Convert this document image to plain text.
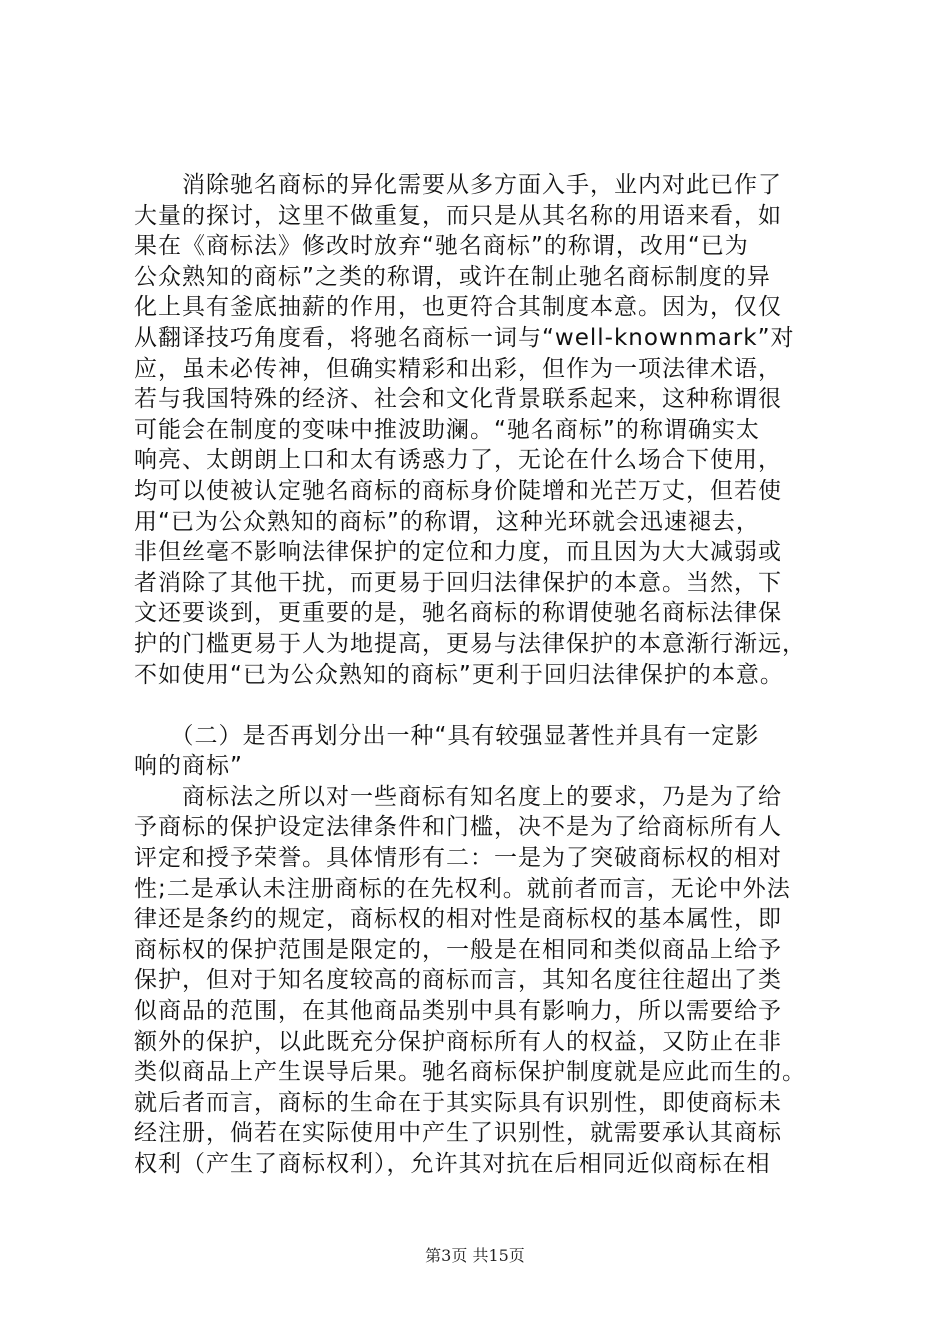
　　消除驰名商标的异化需要从多方面入手，业内对此已作了
大量的探讨，这里不做重复，而只是从其名称的用语来看，如
果在《商标法》修改时放弃“驰名商标”的称谓，改用“已为
公众熟知的商标”之类的称谓，或许在制止驰名商标制度的异
化上具有釜底抽薪的作用，也更符合其制度本意。因为，仅仅
从翻译技巧角度看，将驰名商标一词与“well-knownmark”对
应，虽未必传神，但确实精彩和出彩，但作为一项法律术语，
若与我国特殊的经济、社会和文化背景联系起来，这种称谓很
可能会在制度的变味中推波助澜。“驰名商标”的称谓确实太
响亮、太朗朗上口和太有诱惑力了，无论在什么场合下使用，
均可以使被认定驰名商标的商标身价陡增和光芒万丈，但若使
用“已为公众熟知的商标”的称谓，这种光环就会迅速褪去，
非但丝毫不影响法律保护的定位和力度，而且因为大大减弱或
者消除了其他干扰，而更易于回归法律保护的本意。当然，下
文还要谈到，更重要的是，驰名商标的称谓使驰名商标法律保
护的门槛更易于人为地提高，更易与法律保护的本意渐行渐远，
不如使用“已为公众熟知的商标”更利于回归法律保护的本意。
　　（二）是否再划分出一种“具有较强显著性并具有一定影
响的商标”
　　商标法之所以对一些商标有知名度上的要求，乃是为了给
予商标的保护设定法律条件和门槛，决不是为了给商标所有人
评定和授予荣誉。具体情形有二：一是为了突破商标权的相对
性;二是承认未注册商标的在先权利。就前者而言，无论中外法
律还是条约的规定，商标权的相对性是商标权的基本属性，即
商标权的保护范围是限定的，一般是在相同和类似商品上给予
保护，但对于知名度较高的商标而言，其知名度往往超出了类
似商品的范围，在其他商品类别中具有影响力，所以需要给予
额外的保护，以此既充分保护商标所有人的权益，又防止在非
类似商品上产生误导后果。驰名商标保护制度就是应此而生的。
就后者而言，商标的生命在于其实际具有识别性，即使商标未
经注册，倘若在实际使用中产生了识别性，就需要承认其商标
权利（产生了商标权利），允许其对抗在后相同近似商标在相
第3页 共15页
